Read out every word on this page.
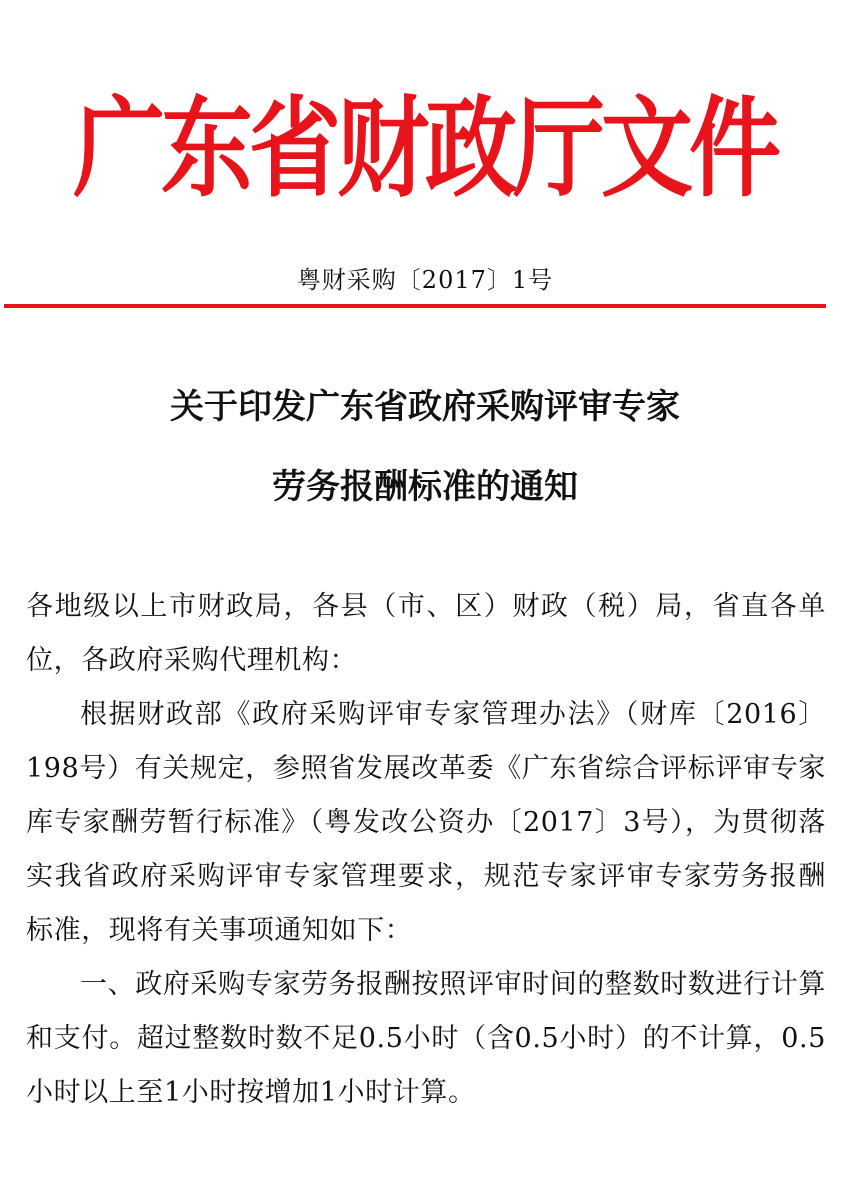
广东省财政厅文件
粤财采购〔2017〕1号
关于印发广东省政府采购评审专家
劳务报酬标准的通知

各地级以上市财政局，各县（市、区）财政（税）局，省直各单位，各政府采购代理机构：

根据财政部《政府采购评审专家管理办法》（财库〔2016〕198号）有关规定，参照省发展改革委《广东省综合评标评审专家库专家酬劳暂行标准》（粤发改公资办〔2017〕3号），为贯彻落实我省政府采购评审专家管理要求，规范专家评审专家劳务报酬标准，现将有关事项通知如下：

一、政府采购专家劳务报酬按照评审时间的整数时数进行计算和支付。超过整数时数不足0.5小时（含0.5小时）的不计算，0.5小时以上至1小时按增加1小时计算。
